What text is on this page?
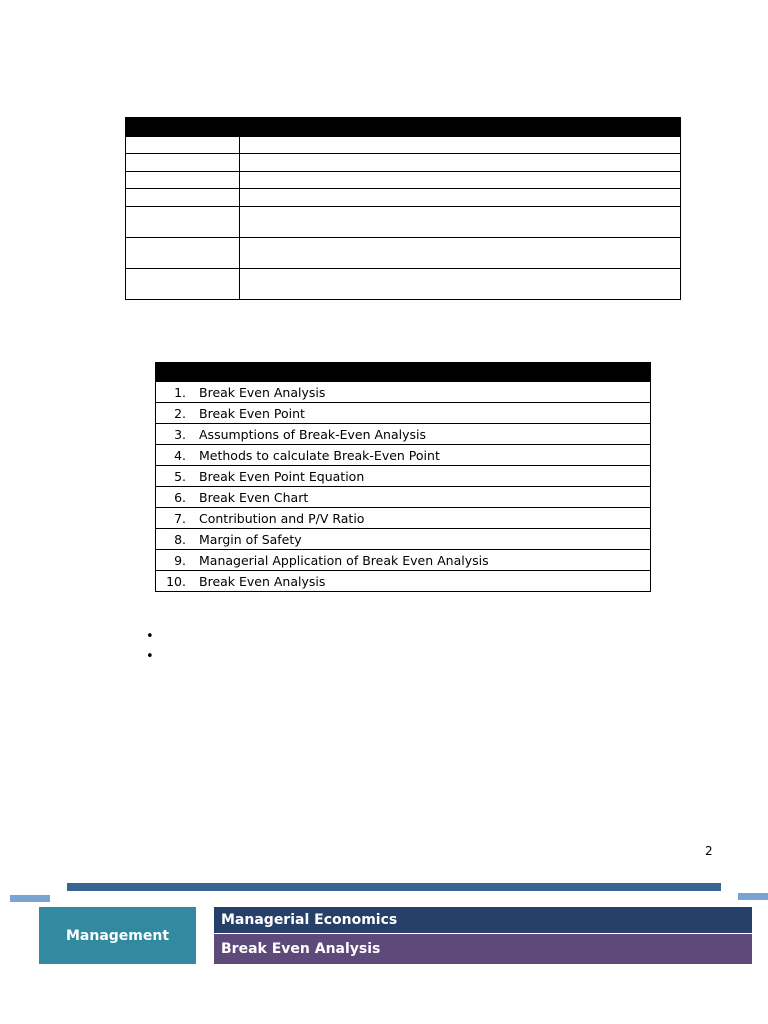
1.	Break Even Analysis
2.	Break Even Point
3.	Assumptions of Break-Even Analysis
4.	Methods to calculate Break-Even Point
5.	Break Even Point Equation
6.	Break Even Chart
7.	Contribution and P/V Ratio
8.	Margin of Safety
9.	Managerial Application of Break Even Analysis
10.	Break Even Analysis
•
•
2
Management
Managerial Economics
Break Even Analysis
